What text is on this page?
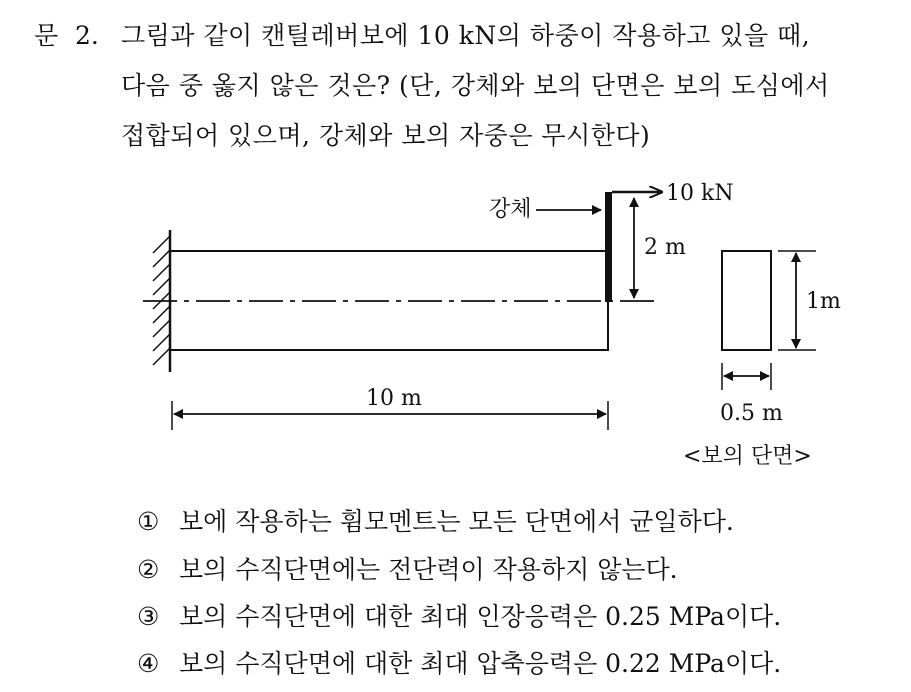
문 2. 그림과 같이 캔틸레버보에 10 kN의 하중이 작용하고 있을 때,
다음 중 옳지 않은 것은? (단, 강체와 보의 단면은 보의 도심에서
접합되어 있으며, 강체와 보의 자중은 무시한다)
강체
10 kN
2 m
10 m
1m
0.5 m
<보의 단면>
① 보에 작용하는 휨모멘트는 모든 단면에서 균일하다.
② 보의 수직단면에는 전단력이 작용하지 않는다.
③ 보의 수직단면에 대한 최대 인장응력은 0.25 MPa이다.
④ 보의 수직단면에 대한 최대 압축응력은 0.22 MPa이다.
